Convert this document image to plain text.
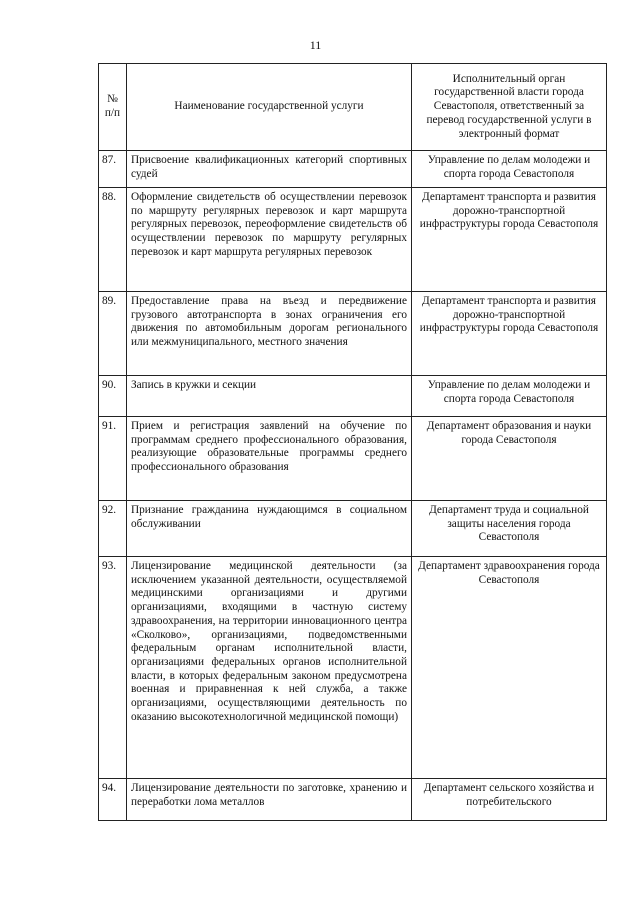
11
№ п/п	Наименование государственной услуги	Исполнительный орган государственной власти города Севастополя, ответственный за перевод государственной услуги в электронный формат
87.	Присвоение квалификационных категорий спортивных судей	Управление по делам молодежи и спорта города Севастополя
88.	Оформление свидетельств об осуществлении перевозок по маршруту регулярных перевозок и карт маршрута регулярных перевозок, переоформление свидетельств об осуществлении перевозок по маршруту регулярных перевозок и карт маршрута регулярных перевозок	Департамент транспорта и развития дорожно-транспортной инфраструктуры города Севастополя
89.	Предоставление права на въезд и передвижение грузового автотранспорта в зонах ограничения его движения по автомобильным дорогам регионального или межмуниципального, местного значения	Департамент транспорта и развития дорожно-транспортной инфраструктуры города Севастополя
90.	Запись в кружки и секции	Управление по делам молодежи и спорта города Севастополя
91.	Прием и регистрация заявлений на обучение по программам среднего профессионального образования, реализующие образовательные программы среднего профессионального образования	Департамент образования и науки города Севастополя
92.	Признание гражданина нуждающимся в социальном обслуживании	Департамент труда и социальной защиты населения города Севастополя
93.	Лицензирование медицинской деятельности (за исключением указанной деятельности, осуществляемой медицинскими организациями и другими организациями, входящими в частную систему здравоохранения, на территории инновационного центра «Сколково», организациями, подведомственными федеральным органам исполнительной власти, организациями федеральных органов исполнительной власти, в которых федеральным законом предусмотрена военная и приравненная к ней служба, а также организациями, осуществляющими деятельность по оказанию высокотехнологичной медицинской помощи)	Департамент здравоохранения города Севастополя
94.	Лицензирование деятельности по заготовке, хранению и переработки лома металлов	Департамент сельского хозяйства и потребительского
